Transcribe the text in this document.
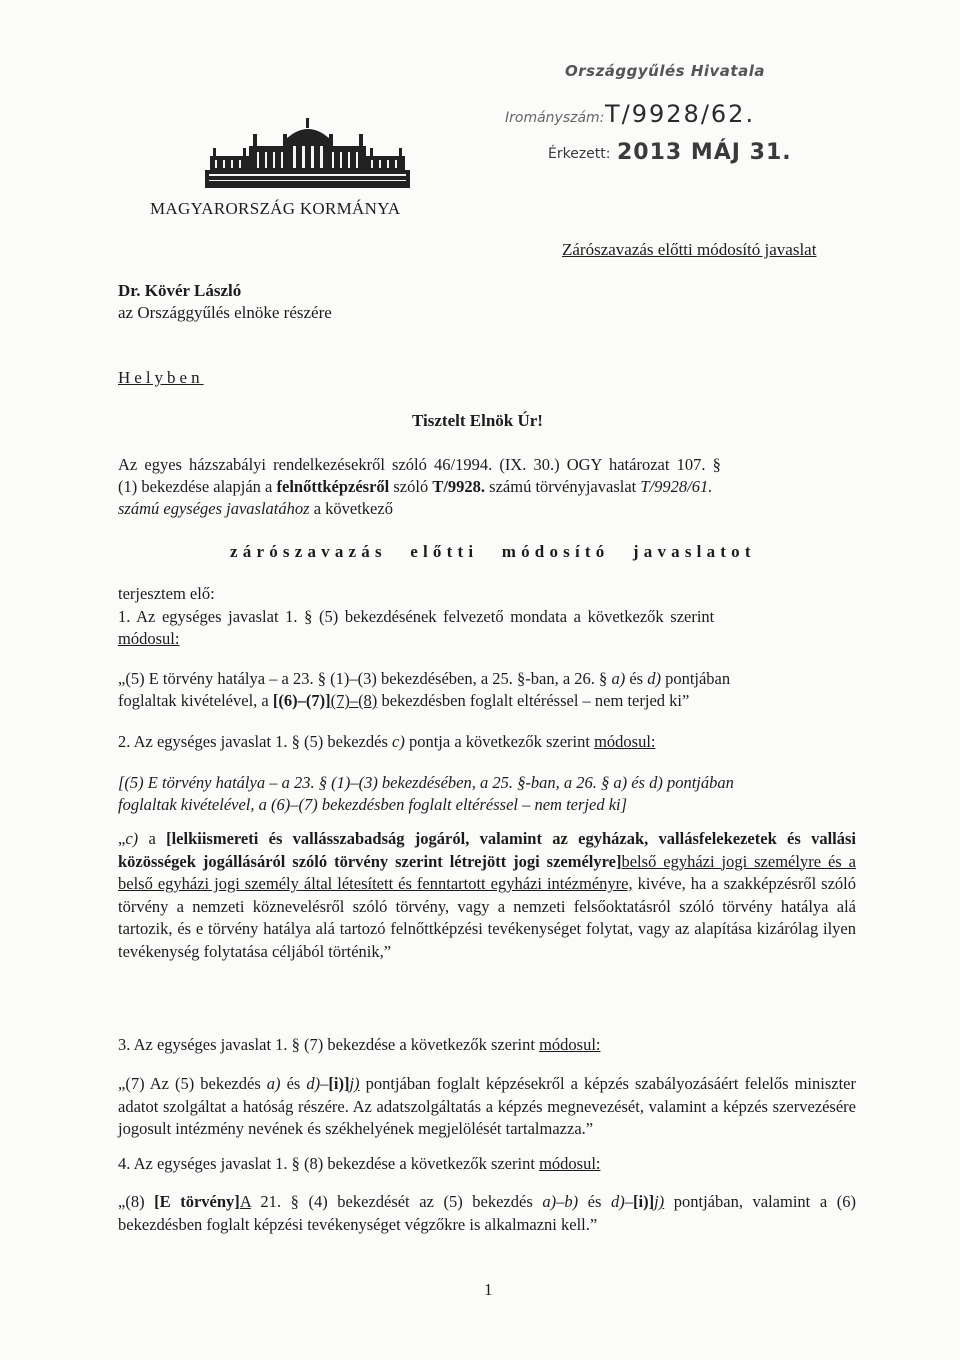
MAGYARORSZÁG KORMÁNYA
Országgyűlés Hivatala
Irományszám: T/9928/62.
Érkezett: 2013 MÁJ 31.
Zárószavazás előtti módosító javaslat
Dr. Kövér László
az Országgyűlés elnöke részére
Helyben
Tisztelt Elnök Úr!
Az egyes házszabályi rendelkezésekről szóló 46/1994. (IX. 30.) OGY határozat 107. §
(1) bekezdése alapján a felnőttképzésről szóló T/9928. számú törvényjavaslat T/9928/61.
számú egységes javaslatához a következő
zárószavazás előtti módosító javaslatot
terjesztem elő:
1. Az egységes javaslat 1. § (5) bekezdésének felvezető mondata a következők szerint
módosul:
„(5) E törvény hatálya – a 23. § (1)–(3) bekezdésében, a 25. §-ban, a 26. § a) és d) pontjában
foglaltak kivételével, a [(6)–(7)](7)–(8) bekezdésben foglalt eltéréssel – nem terjed ki”
2. Az egységes javaslat 1. § (5) bekezdés c) pontja a következők szerint módosul:
[(5) E törvény hatálya – a 23. § (1)–(3) bekezdésében, a 25. §-ban, a 26. § a) és d) pontjában
foglaltak kivételével, a (6)–(7) bekezdésben foglalt eltéréssel – nem terjed ki]
„c) a [lelkiismereti és vallásszabadság jogáról, valamint az egyházak, vallásfelekezetek és vallási közösségek jogállásáról szóló törvény szerint létrejött jogi személyre]belső egyházi jogi személyre és a belső egyházi jogi személy által létesített és fenntartott egyházi intézményre, kivéve, ha a szakképzésről szóló törvény a nemzeti köznevelésről szóló törvény, vagy a nemzeti felsőoktatásról szóló törvény hatálya alá tartozik, és e törvény hatálya alá tartozó felnőttképzési tevékenységet folytat, vagy az alapítása kizárólag ilyen tevékenység folytatása céljából történik,”
3. Az egységes javaslat 1. § (7) bekezdése a következők szerint módosul:
„(7) Az (5) bekezdés a) és d)–[i)]j) pontjában foglalt képzésekről a képzés szabályozásáért felelős miniszter adatot szolgáltat a hatóság részére. Az adatszolgáltatás a képzés megnevezését, valamint a képzés szervezésére jogosult intézmény nevének és székhelyének megjelölését tartalmazza.”
4. Az egységes javaslat 1. § (8) bekezdése a következők szerint módosul:
„(8) [E törvény]A 21. § (4) bekezdését az (5) bekezdés a)–b) és d)–[i)]j) pontjában, valamint a (6) bekezdésben foglalt képzési tevékenységet végzőkre is alkalmazni kell.”
1
